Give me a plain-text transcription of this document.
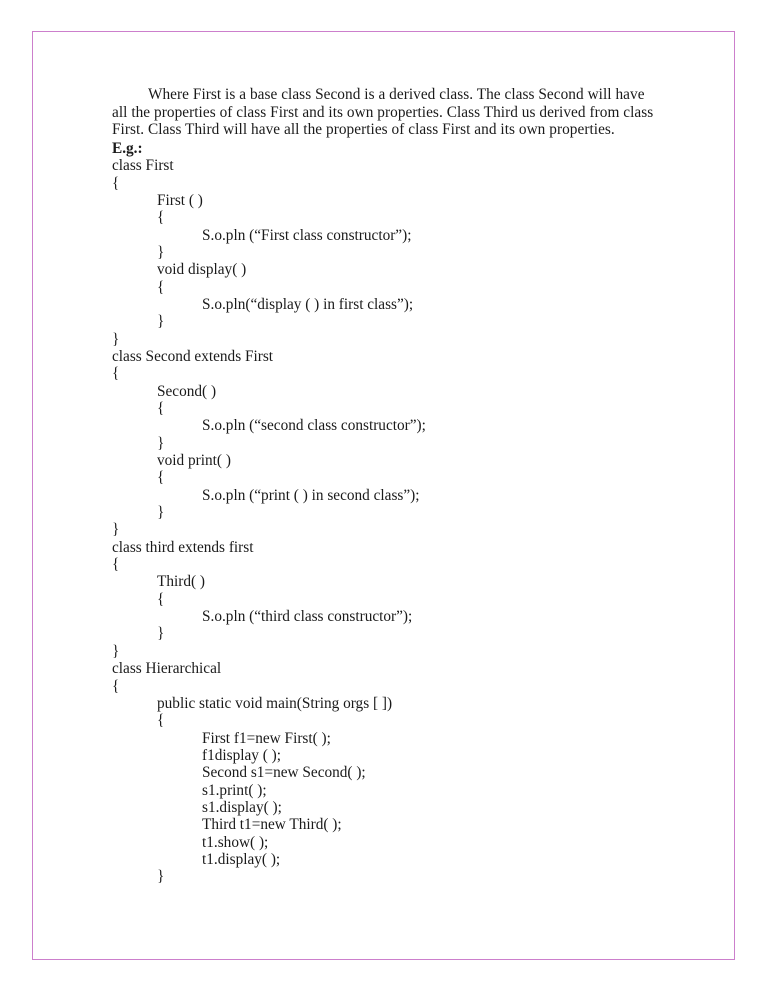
Where First is a base class Second is a derived class. The class Second will have all the properties of class First and its own properties. Class Third us derived from class First. Class Third will have all the properties of class First and its own properties.

E.g.:
class First
{
First ( )
{
S.o.pln (“First class constructor”);
}
void display( )
{
S.o.pln(“display ( ) in first class”);
}
}
class Second extends First
{
Second( )
{
S.o.pln (“second class constructor”);
}
void print( )
{
S.o.pln (“print ( ) in second class”);
}
}
class third extends first
{
Third( )
{
S.o.pln (“third class constructor”);
}
}
class Hierarchical
{
public static void main(String orgs [ ])
{
First f1=new First( );
f1display ( );
Second s1=new Second( );
s1.print( );
s1.display( );
Third t1=new Third( );
t1.show( );
t1.display( );
}
